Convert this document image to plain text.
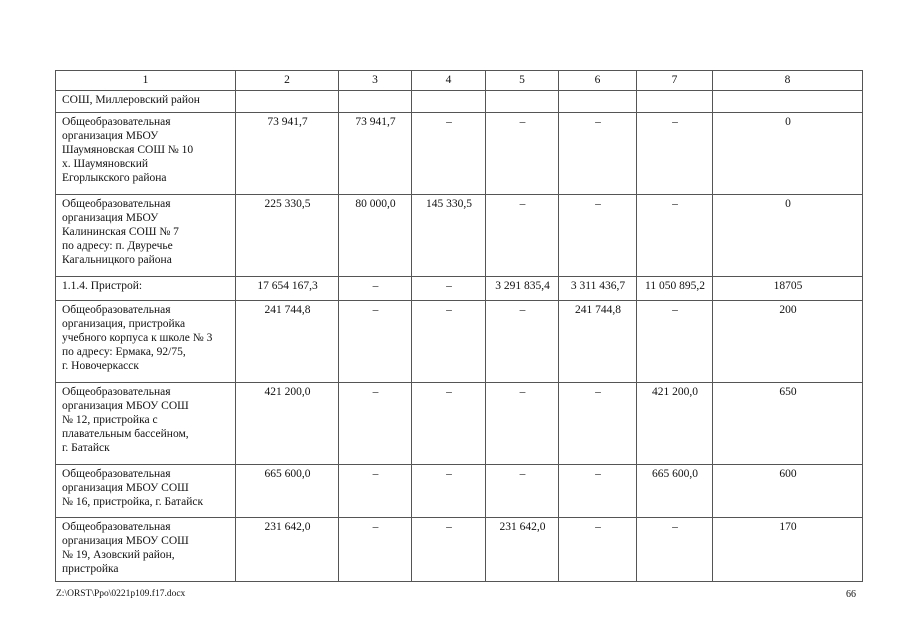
1	2	3	4	5	6	7	8
СОШ, Миллеровский район							
Общеобразовательная
организация МБОУ
Шаумяновская СОШ № 10
х. Шаумяновский
Егорлыкского района	73 941,7	73 941,7	–	–	–	–	0
Общеобразовательная
организация МБОУ
Калининская СОШ № 7
по адресу: п. Двуречье
Кагальницкого района	225 330,5	80 000,0	145 330,5	–	–	–	0
1.1.4. Пристрой:	17 654 167,3	–	–	3 291 835,4	3 311 436,7	11 050 895,2	18705
Общеобразовательная
организация, пристройка
учебного корпуса к школе № 3
по адресу: Ермака, 92/75,
г. Новочеркасск	241 744,8	–	–	–	241 744,8	–	200
Общеобразовательная
организация МБОУ СОШ
№ 12, пристройка с
плавательным бассейном,
г. Батайск	421 200,0	–	–	–	–	421 200,0	650
Общеобразовательная
организация МБОУ СОШ
№ 16, пристройка, г. Батайск	665 600,0	–	–	–	–	665 600,0	600
Общеобразовательная
организация МБОУ СОШ
№ 19, Азовский район,
пристройка	231 642,0	–	–	231 642,0	–	–	170
Z:\ORST\Ppo\0221p109.f17.docx	66
